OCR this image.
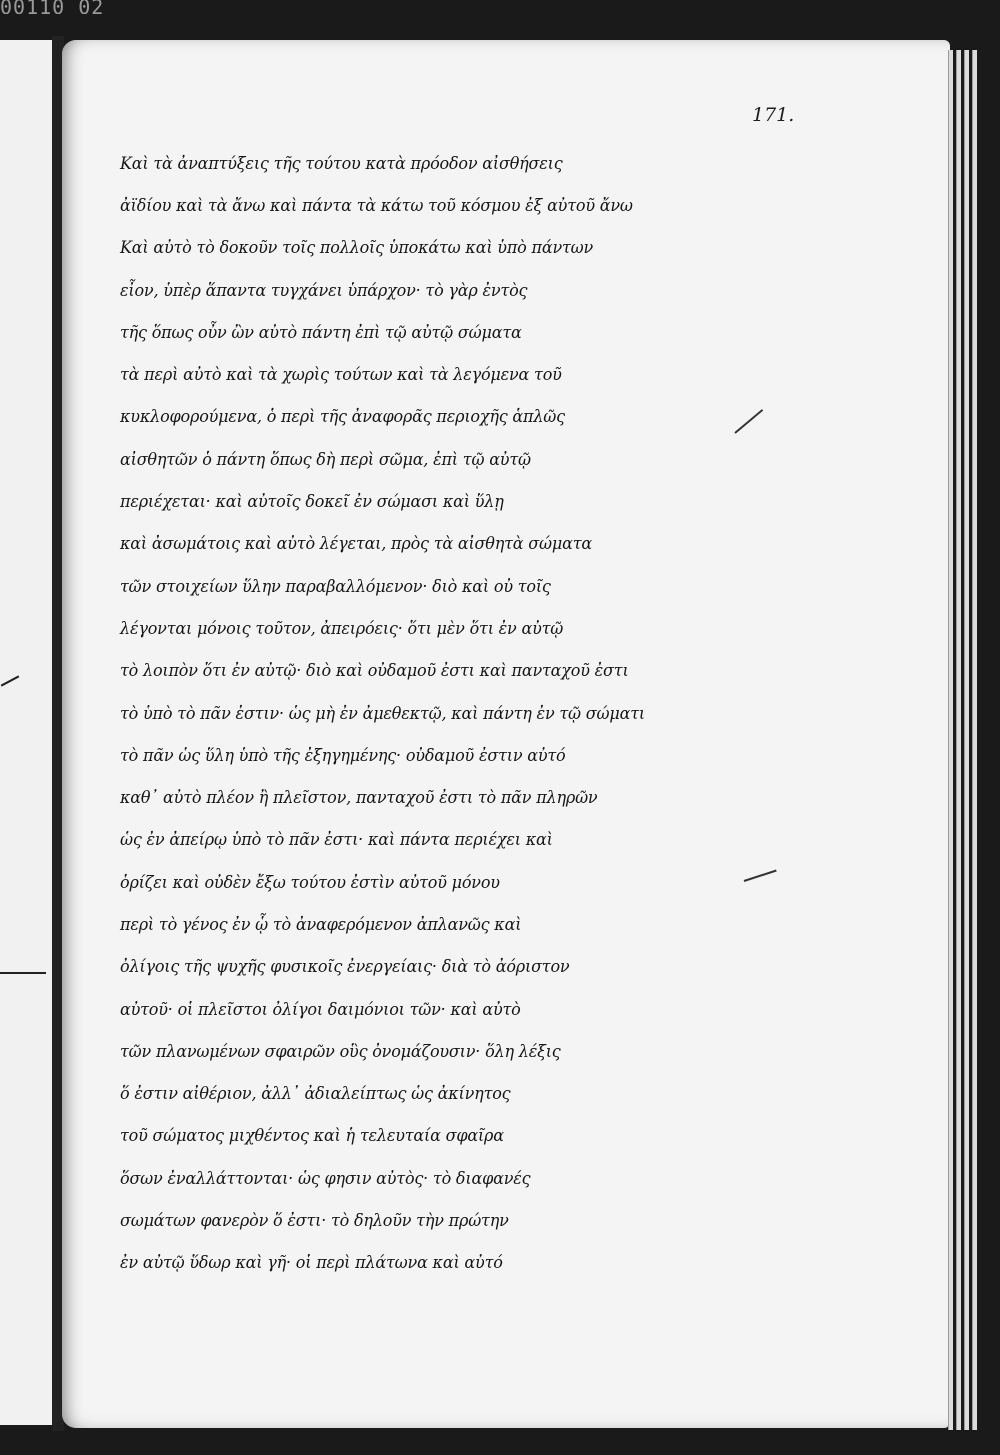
00110 02
171.
Καὶ τὰ ἀναπτύξεις τῆς τούτου κατὰ πρόοδον αἰσθήσεις
ἀϊδίου καὶ τὰ ἄνω καὶ πάντα τὰ κάτω τοῦ κόσμου ἐξ αὐτοῦ ἄνω
Καὶ αὐτὸ τὸ δοκοῦν τοῖς πολλοῖς ὑποκάτω καὶ ὑπὸ πάντων
εἶον, ὑπὲρ ἅπαντα τυγχάνει ὑπάρχον· τὸ γὰρ ἐντὸς
τῆς ὅπως οὖν ὢν αὐτὸ πάντη ἐπὶ τῷ αὐτῷ σώματα
τὰ περὶ αὐτὸ καὶ τὰ χωρὶς τούτων καὶ τὰ λεγόμενα τοῦ
κυκλοφορούμενα, ὁ περὶ τῆς ἀναφορᾶς περιοχῆς ἁπλῶς
αἰσθητῶν ὁ πάντη ὅπως δὴ περὶ σῶμα, ἐπὶ τῷ αὐτῷ
περιέχεται· καὶ αὐτοῖς δοκεῖ ἐν σώμασι καὶ ὕλῃ
καὶ ἀσωμάτοις καὶ αὐτὸ λέγεται, πρὸς τὰ αἰσθητὰ σώματα
τῶν στοιχείων ὕλην παραβαλλόμενον· διὸ καὶ οὐ τοῖς
λέγονται μόνοις τοῦτον, ἀπειρόεις· ὅτι μὲν ὅτι ἐν αὐτῷ
τὸ λοιπὸν ὅτι ἐν αὐτῷ· διὸ καὶ οὐδαμοῦ ἐστι καὶ πανταχοῦ ἐστι
τὸ ὑπὸ τὸ πᾶν ἐστιν· ὡς μὴ ἐν ἀμεθεκτῷ, καὶ πάντη ἐν τῷ σώματι
τὸ πᾶν ὡς ὕλη ὑπὸ τῆς ἐξηγημένης· οὐδαμοῦ ἐστιν αὐτό
καθ᾽ αὐτὸ πλέον ἢ πλεῖστον, πανταχοῦ ἐστι τὸ πᾶν πληρῶν
ὡς ἐν ἀπείρῳ ὑπὸ τὸ πᾶν ἐστι· καὶ πάντα περιέχει καὶ
ὁρίζει καὶ οὐδὲν ἔξω τούτου ἐστὶν αὐτοῦ μόνου
περὶ τὸ γένος ἐν ᾧ τὸ ἀναφερόμενον ἀπλανῶς καὶ
ὀλίγοις τῆς ψυχῆς φυσικοῖς ἐνεργείαις· διὰ τὸ ἀόριστον
αὐτοῦ· οἱ πλεῖστοι ὀλίγοι δαιμόνιοι τῶν· καὶ αὐτὸ
τῶν πλανωμένων σφαιρῶν οὓς ὀνομάζουσιν· ὅλη λέξις
ὅ ἐστιν αἰθέριον, ἀλλ᾽ ἀδιαλείπτως ὡς ἀκίνητος
τοῦ σώματος μιχθέντος καὶ ἡ τελευταία σφαῖρα
ὅσων ἐναλλάττονται· ὡς φησιν αὐτὸς· τὸ διαφανές
σωμάτων φανερὸν ὅ ἐστι· τὸ δηλοῦν τὴν πρώτην
ἐν αὐτῷ ὕδωρ καὶ γῆ· οἱ περὶ πλάτωνα καὶ αὐτό
